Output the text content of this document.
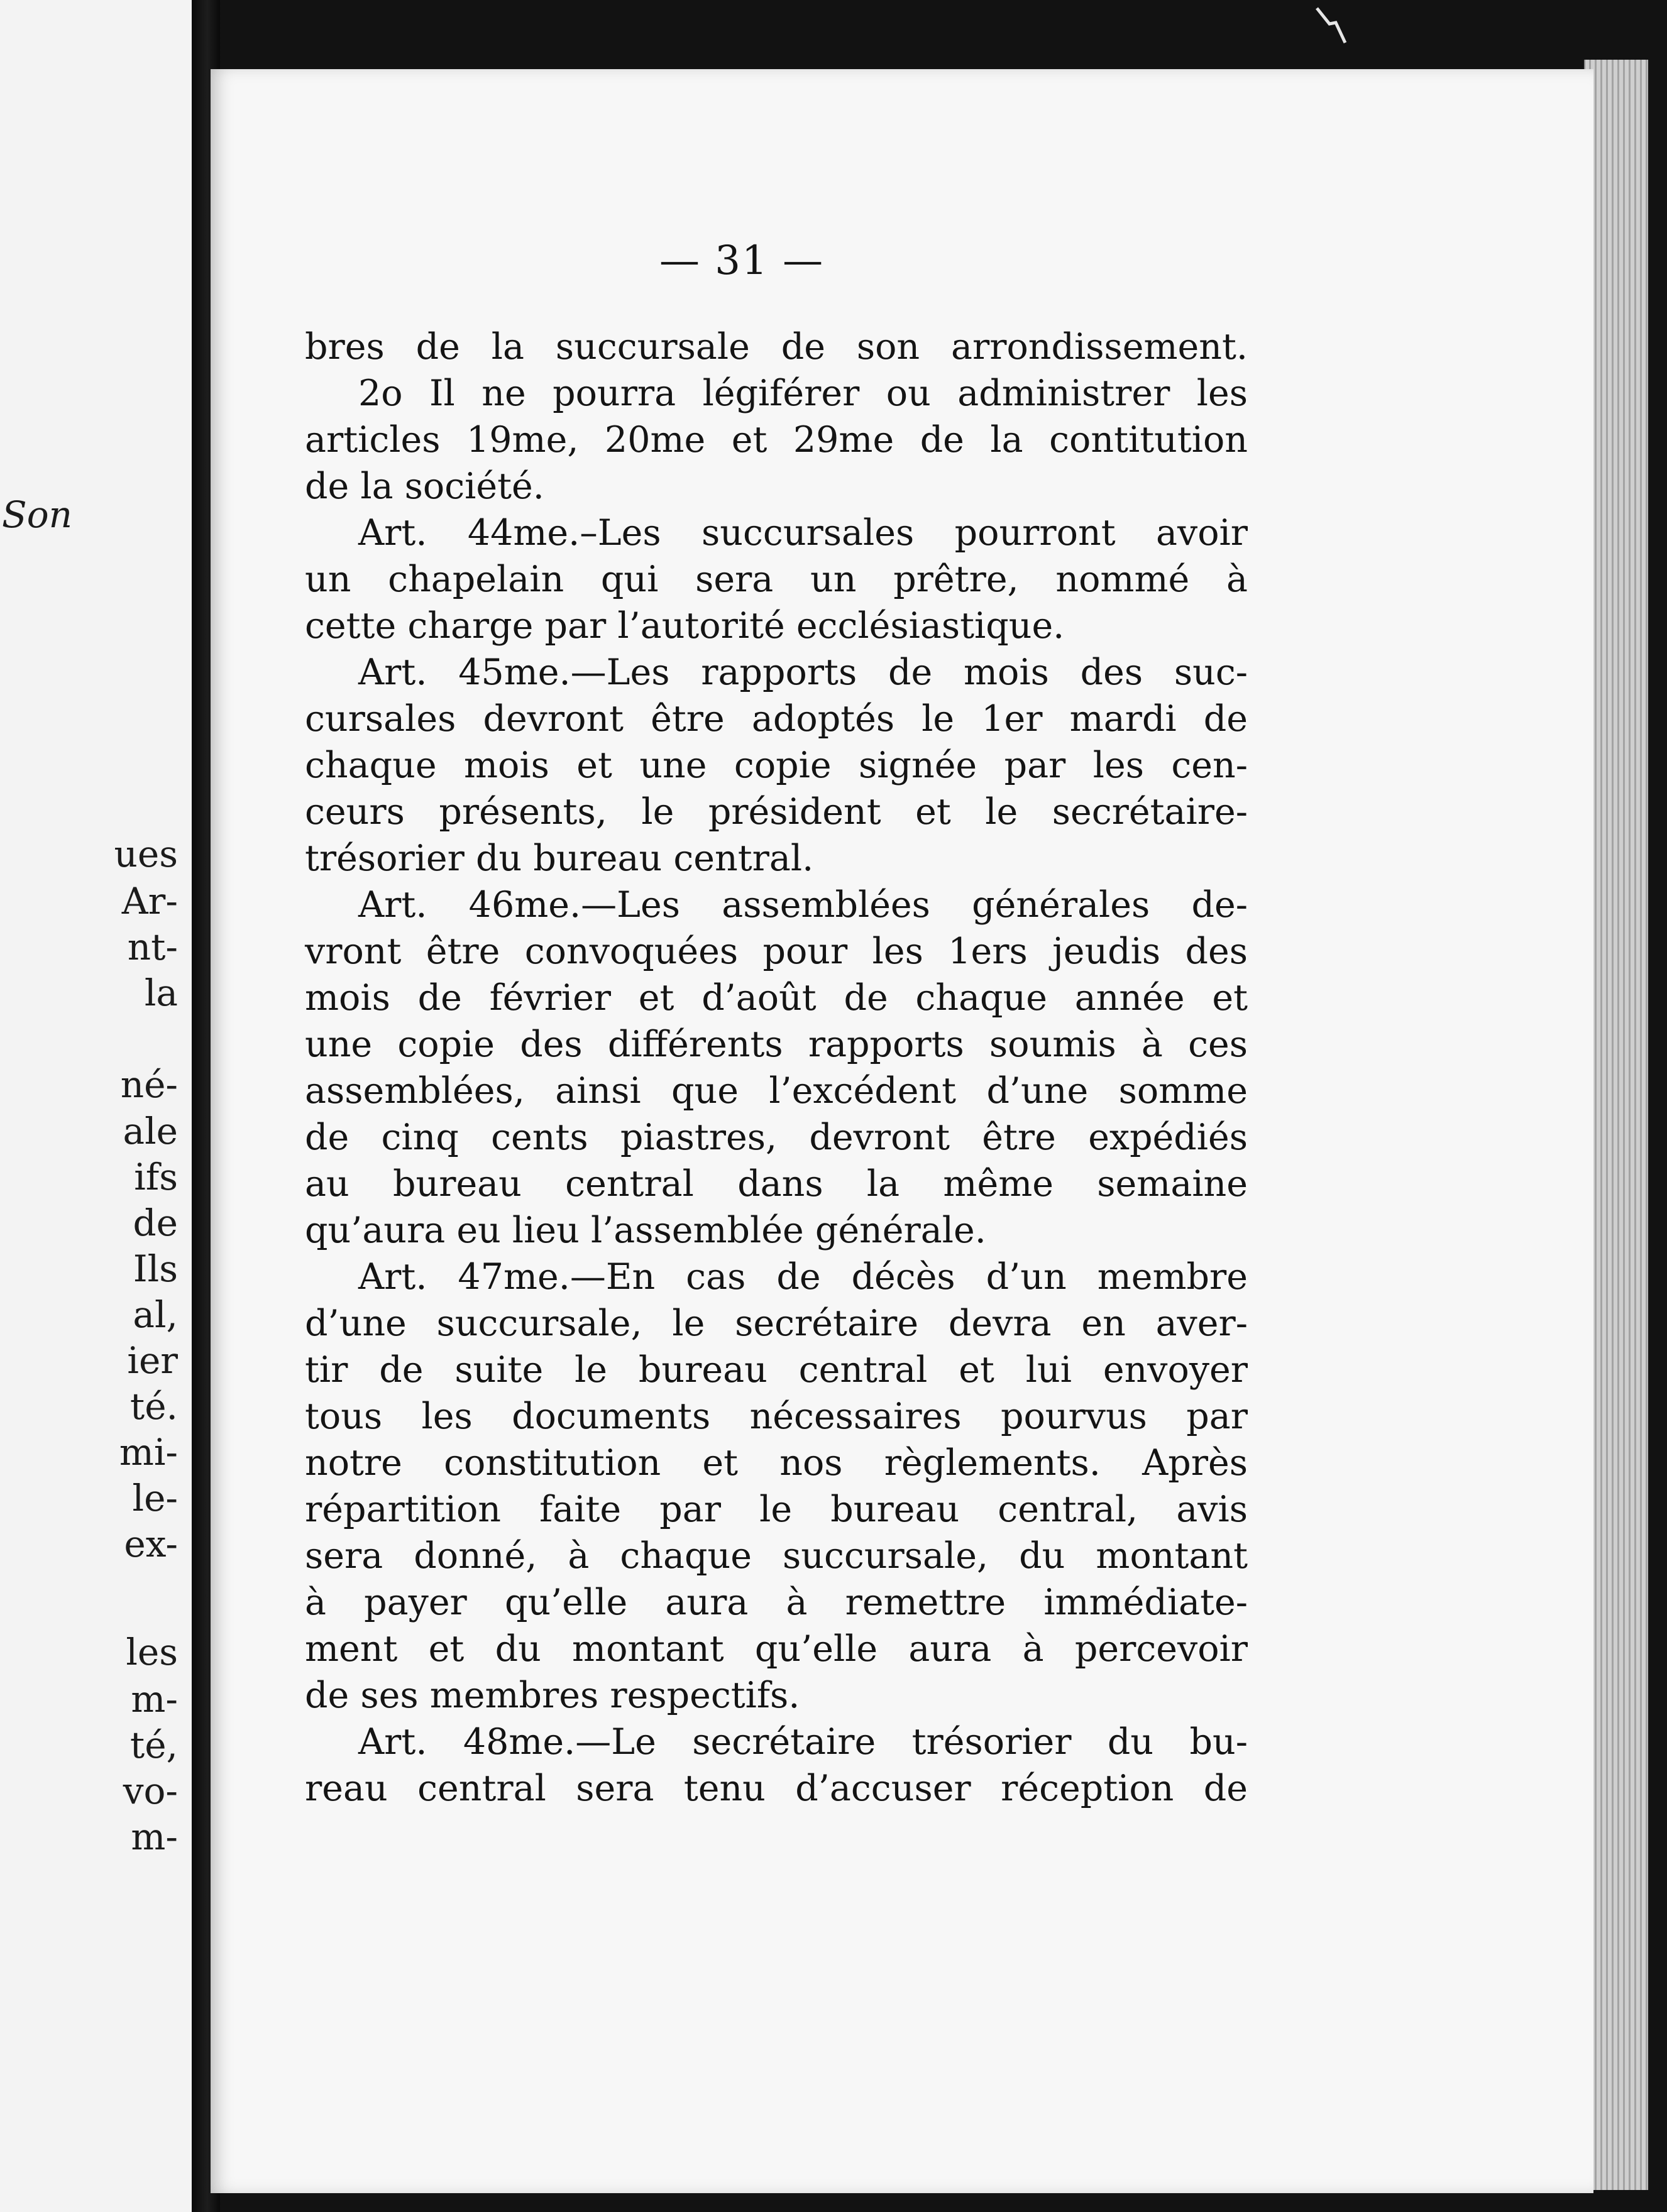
Son
ues
Ar-
nt-
la
né-
ale
ifs
de
Ils
al,
ier
té.
mi-
le-
ex-
les
m-
té,
vo-
m-
— 31 —
bres de la succursale de son arrondissement.
2o Il ne pourra légiférer ou administrer les
articles 19me, 20me et 29me de la contitution
de la société.
Art. 44me.–Les succursales pourront avoir
un chapelain qui sera un prêtre, nommé à
cette charge par l’autorité ecclésiastique.
Art. 45me.—Les rapports de mois des suc-
cursales devront être adoptés le 1er mardi de
chaque mois et une copie signée par les cen-
ceurs présents, le président et le secrétaire-
trésorier du bureau central.
Art. 46me.—Les assemblées générales de-
vront être convoquées pour les 1ers jeudis des
mois de février et d’août de chaque année et
une copie des différents rapports soumis à ces
assemblées, ainsi que l’excédent d’une somme
de cinq cents piastres, devront être expédiés
au bureau central dans la même semaine
qu’aura eu lieu l’assemblée générale.
Art. 47me.—En cas de décès d’un membre
d’une succursale, le secrétaire devra en aver-
tir de suite le bureau central et lui envoyer
tous les documents nécessaires pourvus par
notre constitution et nos règlements. Après
répartition faite par le bureau central, avis
sera donné, à chaque succursale, du montant
à payer qu’elle aura à remettre immédiate-
ment et du montant qu’elle aura à percevoir
de ses membres respectifs.
Art. 48me.—Le secrétaire trésorier du bu-
reau central sera tenu d’accuser réception de
